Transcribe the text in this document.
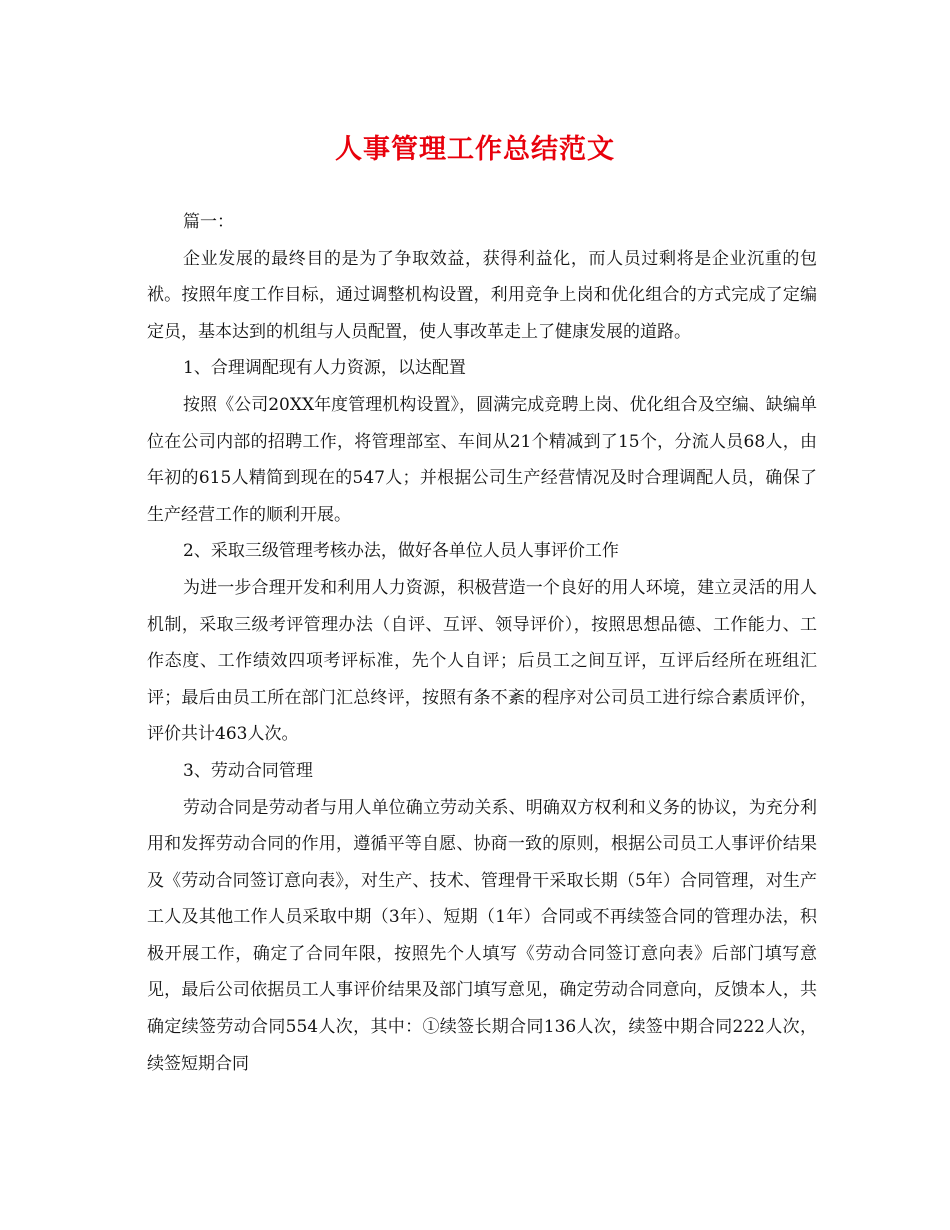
人事管理工作总结范文

篇一：

企业发展的最终目的是为了争取效益，获得利益化，而人员过剩将是企业沉重的包袱。按照年度工作目标，通过调整机构设置，利用竞争上岗和优化组合的方式完成了定编定员，基本达到的机组与人员配置，使人事改革走上了健康发展的道路。

1、合理调配现有人力资源，以达配置

按照《公司20XX年度管理机构设置》，圆满完成竞聘上岗、优化组合及空编、缺编单位在公司内部的招聘工作，将管理部室、车间从21个精减到了15个，分流人员68人，由年初的615人精简到现在的547人；并根据公司生产经营情况及时合理调配人员，确保了生产经营工作的顺利开展。

2、采取三级管理考核办法，做好各单位人员人事评价工作

为进一步合理开发和利用人力资源，积极营造一个良好的用人环境，建立灵活的用人机制，采取三级考评管理办法（自评、互评、领导评价），按照思想品德、工作能力、工作态度、工作绩效四项考评标准，先个人自评；后员工之间互评，互评后经所在班组汇评；最后由员工所在部门汇总终评，按照有条不紊的程序对公司员工进行综合素质评价，评价共计463人次。

3、劳动合同管理

劳动合同是劳动者与用人单位确立劳动关系、明确双方权利和义务的协议，为充分利用和发挥劳动合同的作用，遵循平等自愿、协商一致的原则，根据公司员工人事评价结果及《劳动合同签订意向表》，对生产、技术、管理骨干采取长期（5年）合同管理，对生产工人及其他工作人员采取中期（3年）、短期（1年）合同或不再续签合同的管理办法，积极开展工作，确定了合同年限，按照先个人填写《劳动合同签订意向表》后部门填写意见，最后公司依据员工人事评价结果及部门填写意见，确定劳动合同意向，反馈本人，共确定续签劳动合同554人次，其中：①续签长期合同136人次，续签中期合同222人次，续签短期合同
